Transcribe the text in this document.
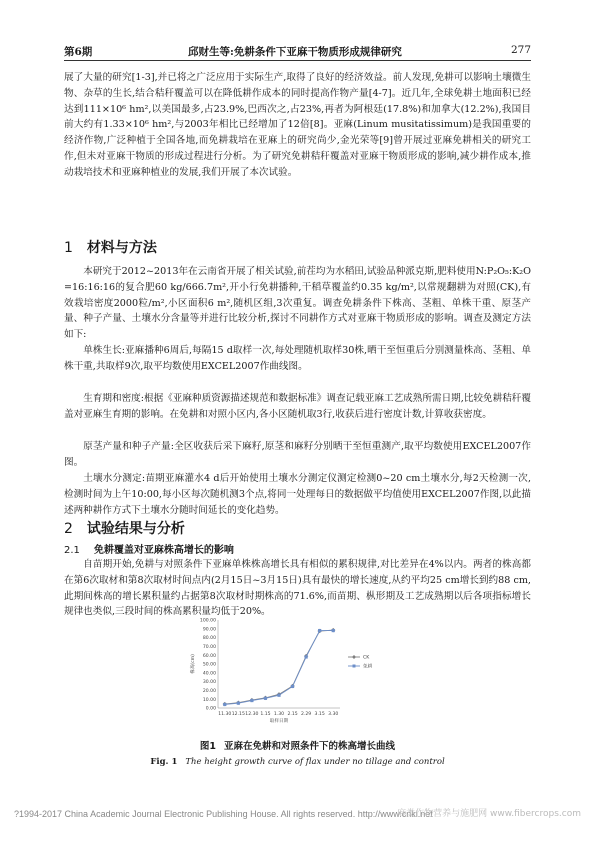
第6期	邱财生等:免耕条件下亚麻干物质形成规律研究	277

展了大量的研究[1-3],并已将之广泛应用于实际生产,取得了良好的经济效益。前人发现,免耕可以影响土壤微生物、杂草的生长,结合秸秆覆盖可以在降低耕作成本的同时提高作物产量[4-7]。近几年,全球免耕土地面积已经达到111×10⁶ hm²,以美国最多,占23.9%,巴西次之,占23%,再者为阿根廷(17.8%)和加拿大(12.2%),我国目前大约有1.33×10⁶ hm²,与2003年相比已经增加了12倍[8]。亚麻(Linum musitatissimum)是我国重要的经济作物,广泛种植于全国各地,而免耕栽培在亚麻上的研究尚少,金光荣等[9]曾开展过亚麻免耕相关的研究工作,但未对亚麻干物质的形成过程进行分析。为了研究免耕秸秆覆盖对亚麻干物质形成的影响,减少耕作成本,推动栽培技术和亚麻种植业的发展,我们开展了本次试验。

1 材料与方法

本研究于2012~2013年在云南省开展了相关试验,前茬均为水稻田,试验品种派克斯,肥料使用N:P₂O₅:K₂O=16:16:16的复合肥60 kg/666.7m²,开小行免耕播种,干稻草覆盖约0.35 kg/m²,以常规翻耕为对照(CK),有效栽培密度2000粒/m²,小区面积6 m²,随机区组,3次重复。调查免耕条件下株高、茎粗、单株干重、原茎产量、种子产量、土壤水分含量等并进行比较分析,探讨不同耕作方式对亚麻干物质形成的影响。调查及测定方法如下:

单株生长:亚麻播种6周后,每隔15 d取样一次,每处理随机取样30株,晒干至恒重后分别测量株高、茎粗、单株干重,共取样9次,取平均数使用EXCEL2007作曲线图。

生育期和密度:根据《亚麻种质资源描述规范和数据标准》调查记载亚麻工艺成熟所需日期,比较免耕秸秆覆盖对亚麻生育期的影响。在免耕和对照小区内,各小区随机取3行,收获后进行密度计数,计算收获密度。

原茎产量和种子产量:全区收获后采下麻籽,原茎和麻籽分别晒干至恒重测产,取平均数使用EXCEL2007作图。

土壤水分测定:苗期亚麻灌水4 d后开始使用土壤水分测定仪测定检测0~20 cm土壤水分,每2天检测一次,检测时间为上午10:00,每小区每次随机测3个点,将同一处理每日的数据做平均值使用EXCEL2007作图,以此描述两种耕作方式下土壤水分随时间延长的变化趋势。

2 试验结果与分析
2.1 免耕覆盖对亚麻株高增长的影响

自苗期开始,免耕与对照条件下亚麻单株株高增长具有相似的累积规律,对比差异在4%以内。两者的株高都在第6次取材和第8次取材时间点内(2月15日~3月15日)具有最快的增长速度,从约平均25 cm增长到约88 cm,此期间株高的增长累积量约占据第8次取材时期株高的71.6%,而苗期、枞形期及工艺成熟期以后各项指标增长规律也类似,三段时间的株高累积量均低于20%。

0.00
10.00
20.00
30.00
40.00
50.00
60.00
70.00
80.00
90.00
100.00
11.30 12.15 12.30 1.15 1.30 2.15 2.29 3.15 3.30
取样日期
株高(cm)	CK
免耕

图1 亚麻在免耕和对照条件下的株高增长曲线

Fig. 1 The height growth curve of flax under no tillage and control

?1994-2017 China Academic Journal Electronic Publishing House. All rights reserved. http://www.cnki.net
麻类作物营养与施肥网 www.fibercrops.com
